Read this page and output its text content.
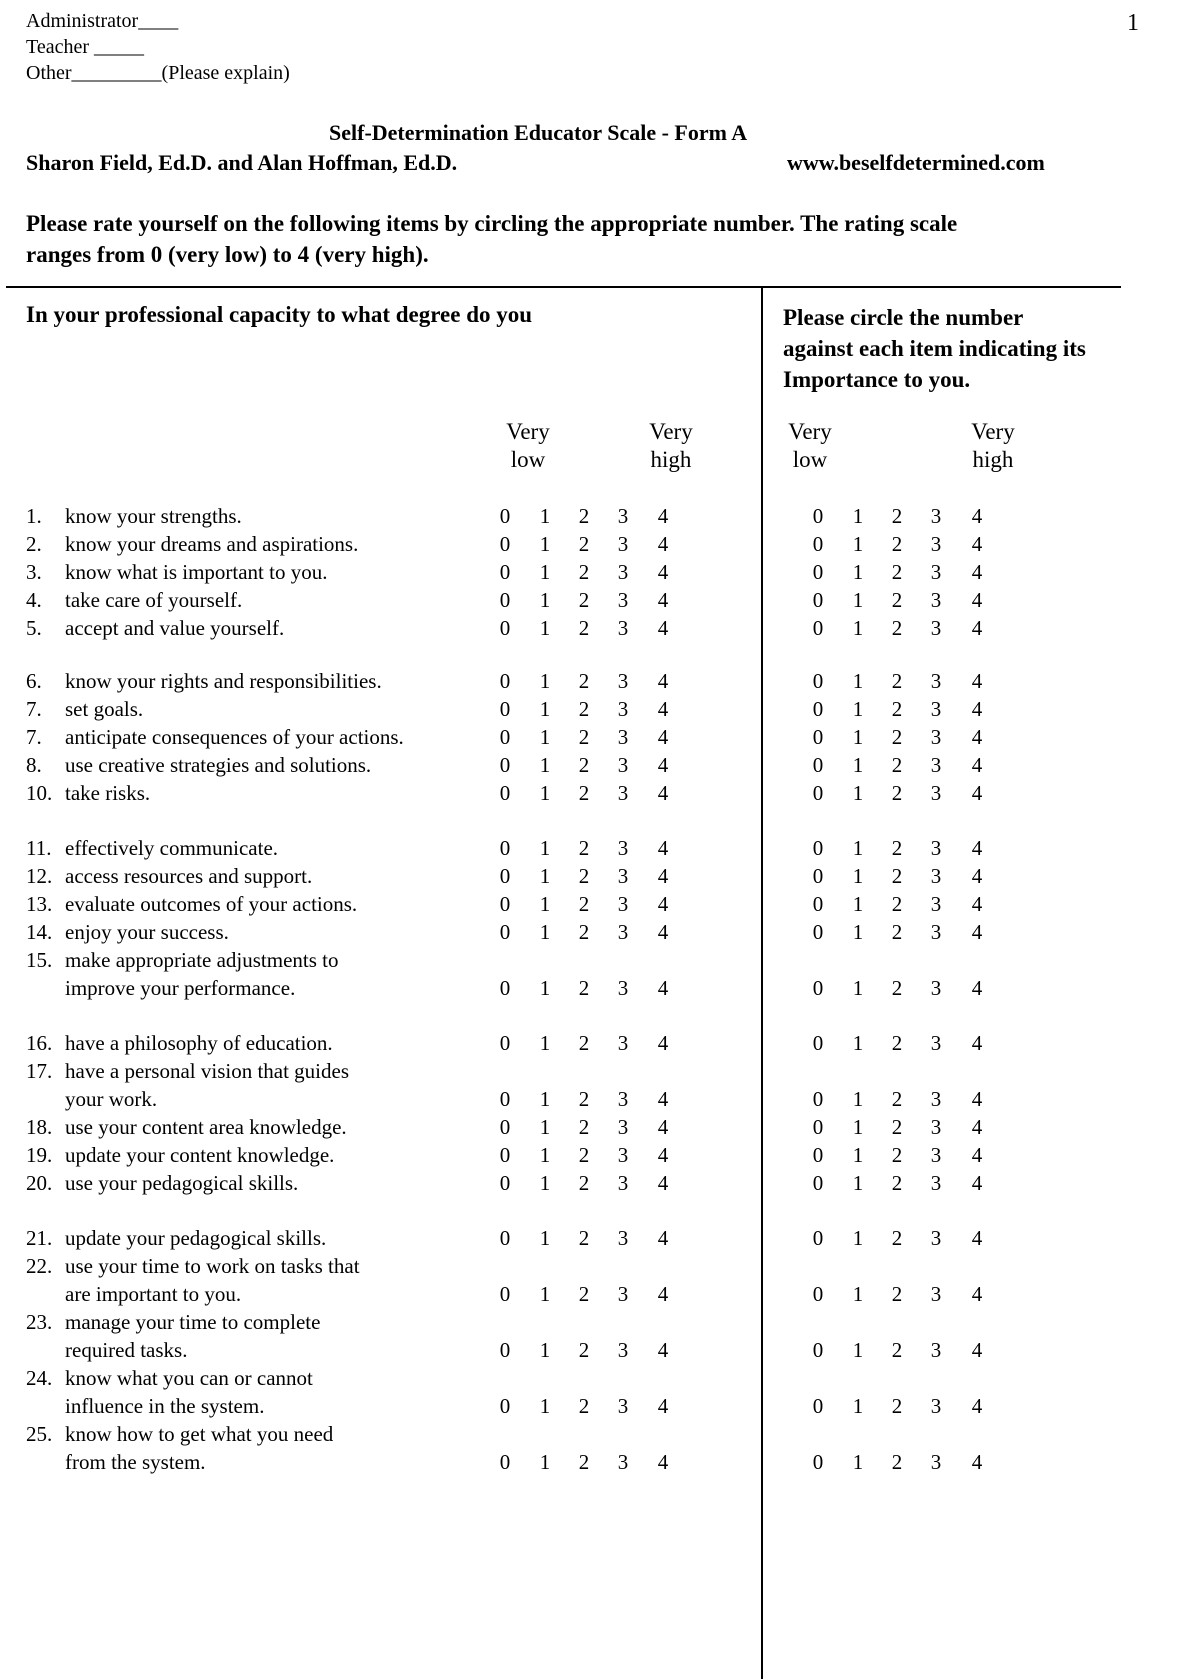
Administrator____
Teacher _____
Other_________(Please explain)
1
Self-Determination Educator Scale - Form A
Sharon Field, Ed.D. and Alan Hoffman, Ed.D.	www.beselfdetermined.com
Please rate yourself on the following items by circling the appropriate number. The rating scale
ranges from 0 (very low) to 4 (very high).
In your professional capacity to what degree do you	Please circle the number
against each item indicating its
Importance to you.
Very
low
Very
high
Very
low
Very
high
1. know your strengths.	0 1 2 3 4	0 1 2 3 4
2. know your dreams and aspirations.	0 1 2 3 4	0 1 2 3 4
3. know what is important to you.	0 1 2 3 4	0 1 2 3 4
4. take care of yourself.	0 1 2 3 4	0 1 2 3 4
5. accept and value yourself.	0 1 2 3 4	0 1 2 3 4
6. know your rights and responsibilities.	0 1 2 3 4	0 1 2 3 4
7. set goals.	0 1 2 3 4	0 1 2 3 4
7. anticipate consequences of your actions.	0 1 2 3 4	0 1 2 3 4
8. use creative strategies and solutions.	0 1 2 3 4	0 1 2 3 4
10. take risks.	0 1 2 3 4	0 1 2 3 4
11. effectively communicate.	0 1 2 3 4	0 1 2 3 4
12. access resources and support.	0 1 2 3 4	0 1 2 3 4
13. evaluate outcomes of your actions.	0 1 2 3 4	0 1 2 3 4
14. enjoy your success.	0 1 2 3 4	0 1 2 3 4
15. make appropriate adjustments to
improve your performance.	0 1 2 3 4	0 1 2 3 4
16. have a philosophy of education.	0 1 2 3 4	0 1 2 3 4
17. have a personal vision that guides
your work.	0 1 2 3 4	0 1 2 3 4
18. use your content area knowledge.	0 1 2 3 4	0 1 2 3 4
19. update your content knowledge.	0 1 2 3 4	0 1 2 3 4
20. use your pedagogical skills.	0 1 2 3 4	0 1 2 3 4
21. update your pedagogical skills.	0 1 2 3 4	0 1 2 3 4
22. use your time to work on tasks that
are important to you.	0 1 2 3 4	0 1 2 3 4
23. manage your time to complete
required tasks.	0 1 2 3 4	0 1 2 3 4
24. know what you can or cannot
influence in the system.	0 1 2 3 4	0 1 2 3 4
25. know how to get what you need
from the system.	0 1 2 3 4	0 1 2 3 4
